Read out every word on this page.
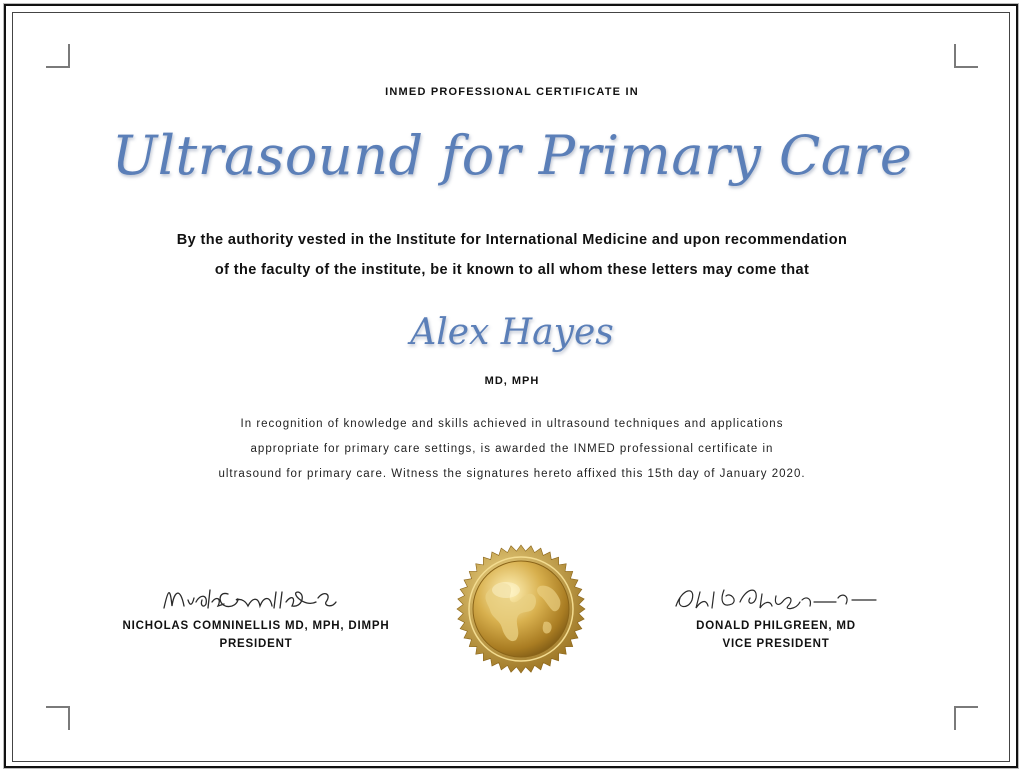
INMED PROFESSIONAL CERTIFICATE IN
Ultrasound for Primary Care
By the authority vested in the Institute for International Medicine and upon recommendation
of the faculty of the institute, be it known to all whom these letters may come that
Alex Hayes
MD, MPH
In recognition of knowledge and skills achieved in ultrasound techniques and applications
appropriate for primary care settings, is awarded the INMED professional certificate in
ultrasound for primary care. Witness the signatures hereto affixed this 15th day of January 2020.
NICHOLAS COMNINELLIS MD, MPH, DIMPH
PRESIDENT
DONALD PHILGREEN, MD
VICE PRESIDENT
